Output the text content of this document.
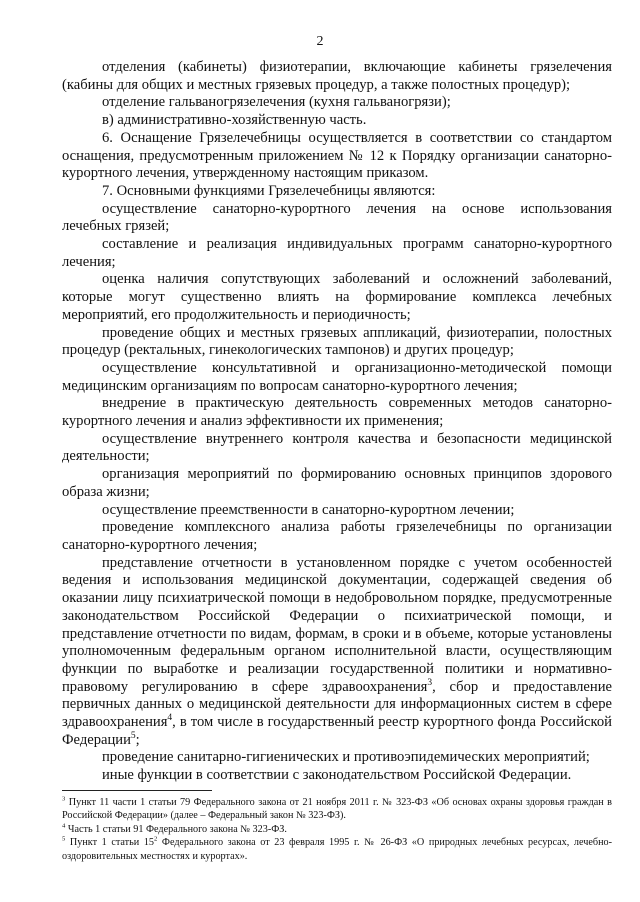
2

отделения (кабинеты) физиотерапии, включающие кабинеты грязелечения (кабины для общих и местных грязевых процедур, а также полостных процедур);

отделение гальваногрязелечения (кухня гальваногрязи);

в) административно-хозяйственную часть.

6. Оснащение Грязелечебницы осуществляется в соответствии со стандартом оснащения, предусмотренным приложением № 12 к Порядку организации санаторно-курортного лечения, утвержденному настоящим приказом.

7. Основными функциями Грязелечебницы являются:

осуществление санаторно-курортного лечения на основе использования лечебных грязей;

составление и реализация индивидуальных программ санаторно-курортного лечения;

оценка наличия сопутствующих заболеваний и осложнений заболеваний, которые могут существенно влиять на формирование комплекса лечебных мероприятий, его продолжительность и периодичность;

проведение общих и местных грязевых аппликаций, физиотерапии, полостных процедур (ректальных, гинекологических тампонов) и других процедур;

осуществление консультативной и организационно-методической помощи медицинским организациям по вопросам санаторно-курортного лечения;

внедрение в практическую деятельность современных методов санаторно-курортного лечения и анализ эффективности их применения;

осуществление внутреннего контроля качества и безопасности медицинской деятельности;

организация мероприятий по формированию основных принципов здорового образа жизни;

осуществление преемственности в санаторно-курортном лечении;

проведение комплексного анализа работы грязелечебницы по организации санаторно-курортного лечения;

представление отчетности в установленном порядке с учетом особенностей ведения и использования медицинской документации, содержащей сведения об оказании лицу психиатрической помощи в недобровольном порядке, предусмотренные законодательством Российской Федерации о психиатрической помощи, и представление отчетности по видам, формам, в сроки и в объеме, которые установлены уполномоченным федеральным органом исполнительной власти, осуществляющим функции по выработке и реализации государственной политики и нормативно-правовому регулированию в сфере здравоохранения$^3$, сбор и предоставление первичных данных о медицинской деятельности для информационных систем в сфере здравоохранения$^4$, в том числе в государственный реестр курортного фонда Российской Федерации$^5$;

проведение санитарно-гигиенических и противоэпидемических мероприятий;

иные функции в соответствии с законодательством Российской Федерации.

$^3$ Пункт 11 части 1 статьи 79 Федерального закона от 21 ноября 2011 г. № 323-ФЗ «Об основах охраны здоровья граждан в Российской Федерации» (далее – Федеральный закон № 323-ФЗ).

$^4$ Часть 1 статьи 91 Федерального закона № 323-ФЗ.

$^5$ Пункт 1 статьи $15^2$ Федерального закона от 23 февраля 1995 г. № 26-ФЗ «О природных лечебных ресурсах, лечебно-оздоровительных местностях и курортах».
